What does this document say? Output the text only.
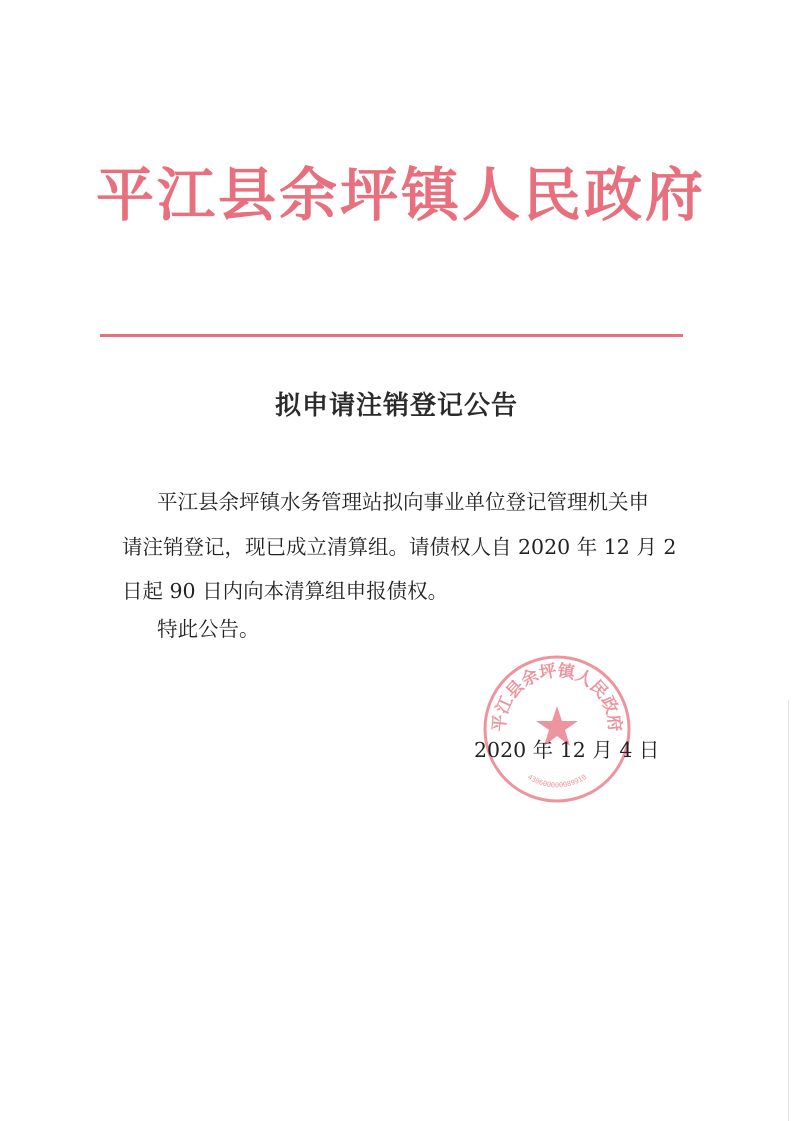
平江县余坪镇人民政府
拟申请注销登记公告
平江县余坪镇水务管理站拟向事业单位登记管理机关申
请注销登记，现已成立清算组。请债权人自 2020 年 12 月 2
日起 90 日内向本清算组申报债权。
特此公告。
平江县余坪镇人民政府
430600000089910
2020 年 12 月 4 日
